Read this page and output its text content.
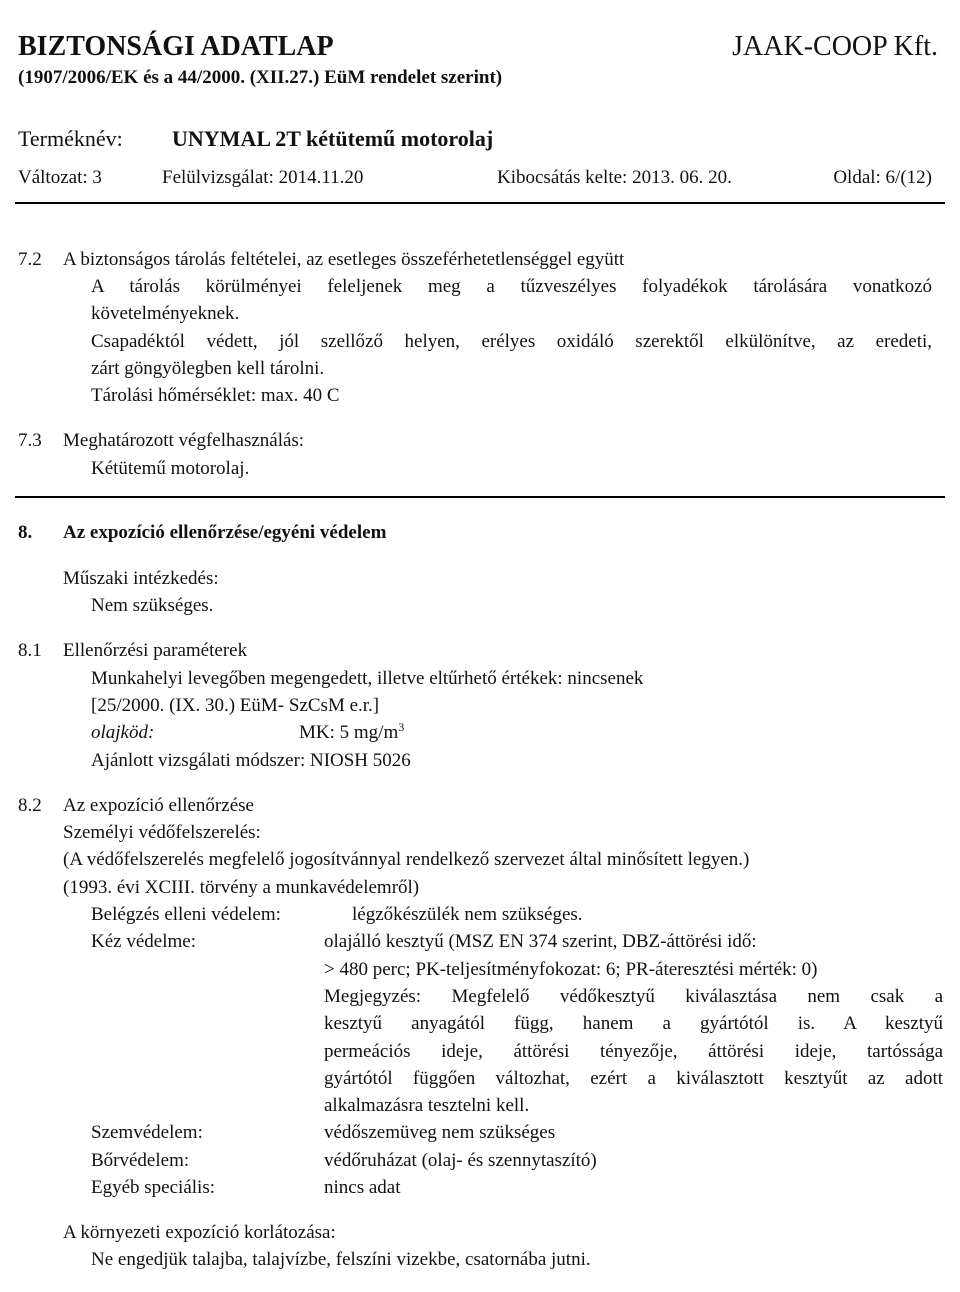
BIZTONSÁGI ADATLAP	JAAK-COOP Kft.
(1907/2006/EK és a 44/2000. (XII.27.) EüM rendelet szerint)
Terméknév: UNYMAL 2T kétütemű motorolaj
Változat: 3	Felülvizsgálat: 2014.11.20	Kibocsátás kelte: 2013. 06. 20.	Oldal: 6/(12)
7.2 A biztonságos tárolás feltételei, az esetleges összeférhetetlenséggel együtt
A tárolás körülményei feleljenek meg a tűzveszélyes folyadékok tárolására vonatkozó
követelményeknek.
Csapadéktól védett, jól szellőző helyen, erélyes oxidáló szerektől elkülönítve, az eredeti,
zárt göngyölegben kell tárolni.
Tárolási hőmérséklet: max. 40 C
7.3 Meghatározott végfelhasználás:
Kétütemű motorolaj.
8. Az expozíció ellenőrzése/egyéni védelem
Műszaki intézkedés:
Nem szükséges.
8.1 Ellenőrzési paraméterek
Munkahelyi levegőben megengedett, illetve eltűrhető értékek: nincsenek
[25/2000. (IX. 30.) EüM- SzCsM e.r.]
olajköd:	MK: 5 $mg/m^3$
Ajánlott vizsgálati módszer: NIOSH 5026
8.2 Az expozíció ellenőrzése
Személyi védőfelszerelés:
(A védőfelszerelés megfelelő jogosítvánnyal rendelkező szervezet által minősített legyen.)
(1993. évi XCIII. törvény a munkavédelemről)
Belégzés elleni védelem:	légzőkészülék nem szükséges.
Kéz védelme:	olajálló kesztyű (MSZ EN 374 szerint, DBZ-áttörési idő:
> 480 perc; PK-teljesítményfokozat: 6; PR-áteresztési mérték: 0)
Megjegyzés: Megfelelő védőkesztyű kiválasztása nem csak a
kesztyű anyagától függ, hanem a gyártótól is. A kesztyű
permeációs ideje, áttörési tényezője, áttörési ideje, tartóssága
gyártótól függően változhat, ezért a kiválasztott kesztyűt az adott
alkalmazásra tesztelni kell.
Szemvédelem:	védőszemüveg nem szükséges
Bőrvédelem:	védőruházat (olaj- és szennytaszító)
Egyéb speciális:	nincs adat
A környezeti expozíció korlátozása:
Ne engedjük talajba, talajvízbe, felszíni vizekbe, csatornába jutni.
